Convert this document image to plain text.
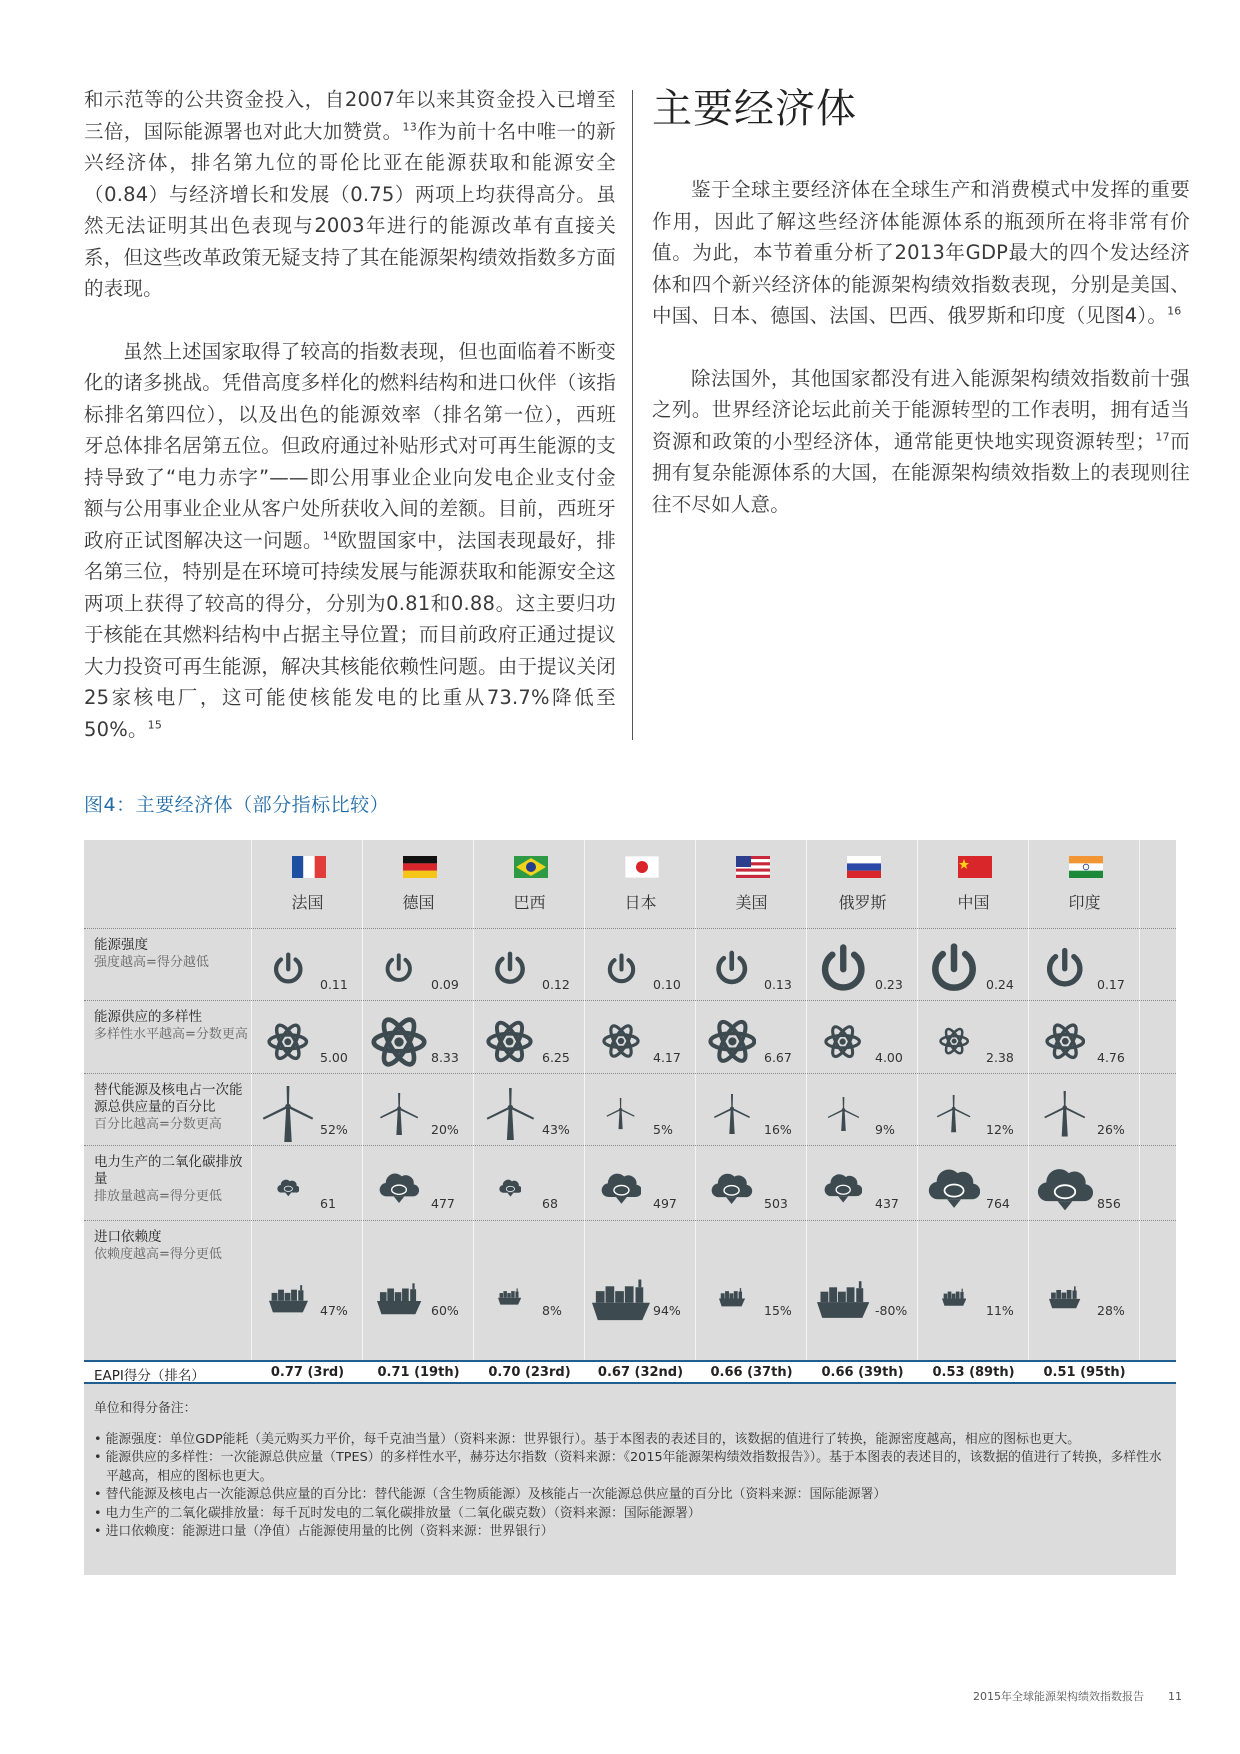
和示范等的公共资金投入，自2007年以来其资金投入已增至三倍，国际能源署也对此大加赞赏。$^{13}$作为前十名中唯一的新兴经济体，排名第九位的哥伦比亚在能源获取和能源安全（0.84）与经济增长和发展（0.75）两项上均获得高分。虽然无法证明其出色表现与2003年进行的能源改革有直接关系，但这些改革政策无疑支持了其在能源架构绩效指数多方面的表现。

虽然上述国家取得了较高的指数表现，但也面临着不断变化的诸多挑战。凭借高度多样化的燃料结构和进口伙伴（该指标排名第四位），以及出色的能源效率（排名第一位），西班牙总体排名居第五位。但政府通过补贴形式对可再生能源的支持导致了“电力赤字”——即公用事业企业向发电企业支付金额与公用事业企业从客户处所获收入间的差额。目前，西班牙政府正试图解决这一问题。$^{14}$欧盟国家中，法国表现最好，排名第三位，特别是在环境可持续发展与能源获取和能源安全这两项上获得了较高的得分，分别为0.81和0.88。这主要归功于核能在其燃料结构中占据主导位置；而目前政府正通过提议大力投资可再生能源，解决其核能依赖性问题。由于提议关闭25家核电厂，这可能使核能发电的比重从73.7%降低至50%。$^{15}$

主要经济体

鉴于全球主要经济体在全球生产和消费模式中发挥的重要作用，因此了解这些经济体能源体系的瓶颈所在将非常有价值。为此，本节着重分析了2013年GDP最大的四个发达经济体和四个新兴经济体的能源架构绩效指数表现，分别是美国、中国、日本、德国、法国、巴西、俄罗斯和印度（见图4）。$^{16}$

除法国外，其他国家都没有进入能源架构绩效指数前十强之列。世界经济论坛此前关于能源转型的工作表明，拥有适当资源和政策的小型经济体，通常能更快地实现资源转型；$^{17}$而拥有复杂能源体系的大国，在能源架构绩效指数上的表现则往往不尽如人意。

图4：主要经济体（部分指标比较）
法国	德国	巴西	日本	美国	俄罗斯	中国	印度
能源强度
强度越高=得分越低
0.11	0.09	0.12	0.10	0.13	0.23	0.24	0.17
能源供应的多样性
多样性水平越高=分数更高
5.00	8.33	6.25	4.17	6.67	4.00	2.38	4.76
替代能源及核电占一次能源总供应量的百分比
百分比越高=分数更高	52%	20%	43%	5%	16%	9%	12%	26%
电力生产的二氧化碳排放量
排放量越高=得分更低	61	477	68	497	503	437	764	856
进口依赖度
依赖度越高=得分更低
47%	60%	8%	94%	15%	-80%	11%	28%
EAPI得分（排名）	0.77 (3rd)	0.71 (19th)	0.70 (23rd)	0.67 (32nd)	0.66 (37th)	0.66 (39th)	0.53 (89th)	0.51 (95th)
单位和得分备注：
• 能源强度：单位GDP能耗（美元购买力平价，每千克油当量）（资料来源：世界银行）。基于本图表的表述目的，该数据的值进行了转换，能源密度越高，相应的图标也更大。
• 能源供应的多样性：一次能源总供应量（TPES）的多样性水平，赫芬达尔指数（资料来源：《2015年能源架构绩效指数报告》）。基于本图表的表述目的，该数据的值进行了转换，多样性水平越高，相应的图标也更大。
• 替代能源及核电占一次能源总供应量的百分比：替代能源（含生物质能源）及核能占一次能源总供应量的百分比（资料来源：国际能源署）
• 电力生产的二氧化碳排放量：每千瓦时发电的二氧化碳排放量（二氧化碳克数）（资料来源：国际能源署）
• 进口依赖度：能源进口量（净值）占能源使用量的比例（资料来源：世界银行）
2015年全球能源架构绩效指数报告 11
